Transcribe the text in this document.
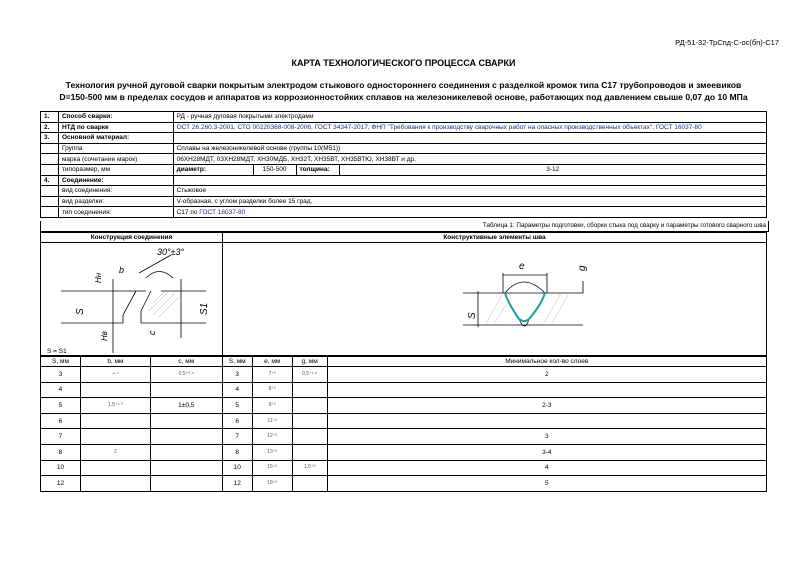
РД-51-32-ТрСпд-С-ос(бп)-С17
КАРТА ТЕХНОЛОГИЧЕСКОГО ПРОЦЕССА СВАРКИ
Технология ручной дуговой сварки покрытым электродом стыкового одностороннего соединения с разделкой кромок типа С17 трубопроводов и змеевиков
D=150-500 мм в пределах сосудов и аппаратов из коррозионностойких сплавов на железоникелевой основе, работающих под давлением свыше 0,07 до 10 МПа
1.	Способ сварки:	РД - ручная дуговая покрытыми электродами			
2.	НТД по сварке	ОСТ 26.260.3-2001, СТО 00220368-008-2006, ГОСТ 34347-2017, ФНП "Требования к производству сварочных работ на опасных производственных объектах", ГОСТ 16037-80			
3.	Основной материал:				
	Группа	Сплавы на железоникелевой основе (группы 10(М51))			
	марка (сочетание марок)	06ХН28МДТ, 03ХН28МДТ, ХН30МДБ, ХН32Т, ХН35ВТ, ХН35ВТЮ, ХН38ВТ и др.			
	типоразмер, мм	диаметр:	150-500	толщина:	3-12
4.	Соединение:				
	вид соединения:	Стыковое			
	вид разделки:	V-образная, с углом разделки более 15 град.			
	тип соединения:	С17 по ГОСТ 16037-80			
Таблица 1: Параметры подготовки, сборки стыка под сварку и параметры готового сварного шва
Конструкция соединения	Конструктивные элементы шва
30°±3°
b
Нн
Нв
S	S1
c
S = S1
e	g
S
S, мм	b, мм	c, мм	S, мм	e, мм	g, мм	Минимальное кол-во слоев
3	-¹·⁵	0,5⁺⁰·⁵	3	7⁺²	0,5⁺¹·⁵	2
4			4	8⁺²		
5	1,5⁺¹·⁰	1±0,5	5	9⁺²		2-3
6			6	11⁺²		
7			7	12⁺²		3
8	2		8	13⁺²		3-4
10			10	15⁺²	1,0⁺²	4
12			12	18⁺²		5
